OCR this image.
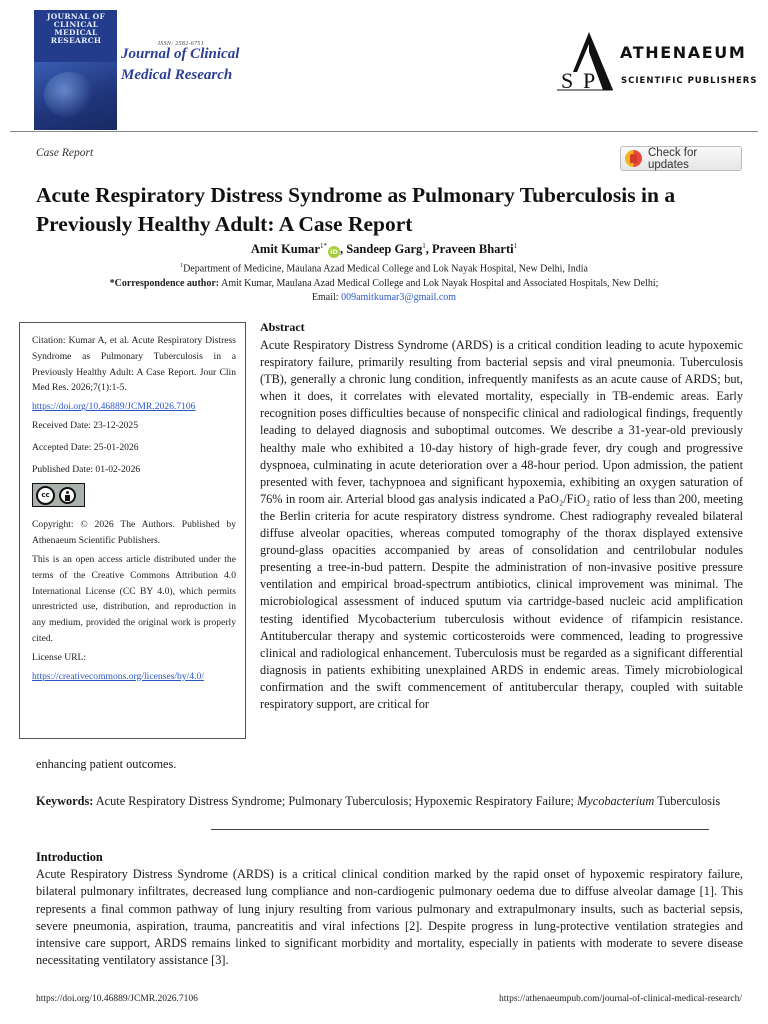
JOURNAL OF CLINICAL MEDICAL RESEARCH	ISSN: 2582-6751
Journal of Clinical
Medical Research	S P
ATHENAEUM
SCIENTIFIC PUBLISHERS
Case Report	Check for updates
Acute Respiratory Distress Syndrome as Pulmonary Tuberculosis in a Previously Healthy Adult: A Case Report
Amit Kumar$^{1*}$iD , Sandeep Garg$^1$, Praveen Bharti$^1$
$^1$Department of Medicine, Maulana Azad Medical College and Lok Nayak Hospital, New Delhi, India
*Correspondence author: Amit Kumar, Maulana Azad Medical College and Lok Nayak Hospital and Associated Hospitals, New Delhi;
Email: 009amitkumar3@gmail.com

Citation: Kumar A, et al. Acute Respiratory Distress Syndrome as Pulmonary Tuberculosis in a Previously Healthy Adult: A Case Report. Jour Clin Med Res. 2026;7(1):1-5.

https://doi.org/10.46889/JCMR.2026.7106

Received Date: 23-12-2025

Accepted Date: 25-01-2026

Published Date: 01-02-2026

cc

Copyright: © 2026 The Authors. Published by Athenaeum Scientific Publishers.

This is an open access article distributed under the terms of the Creative Commons Attribution 4.0 International License (CC BY 4.0), which permits unrestricted use, distribution, and reproduction in any medium, provided the original work is properly cited.

License URL:

https://creativecommons.org/licenses/by/4.0/

Abstract
Acute Respiratory Distress Syndrome (ARDS) is a critical condition leading to acute hypoxemic respiratory failure, primarily resulting from bacterial sepsis and viral pneumonia. Tuberculosis (TB), generally a chronic lung condition, infrequently manifests as an acute cause of ARDS; but, when it does, it correlates with elevated mortality, especially in TB-endemic areas. Early recognition poses difficulties because of nonspecific clinical and radiological findings, frequently leading to delayed diagnosis and suboptimal outcomes. We describe a 31-year-old previously healthy male who exhibited a 10-day history of high-grade fever, dry cough and progressive dyspnoea, culminating in acute deterioration over a 48-hour period. Upon admission, the patient presented with fever, tachypnoea and significant hypoxemia, exhibiting an oxygen saturation of 76% in room air. Arterial blood gas analysis indicated a PaO₂/FiO₂ ratio of less than 200, meeting the Berlin criteria for acute respiratory distress syndrome. Chest radiography revealed bilateral diffuse alveolar opacities, whereas computed tomography of the thorax displayed extensive ground-glass opacities accompanied by areas of consolidation and centrilobular nodules presenting a tree-in-bud pattern. Despite the administration of non-invasive positive pressure ventilation and empirical broad-spectrum antibiotics, clinical improvement was minimal. The microbiological assessment of induced sputum via cartridge-based nucleic acid amplification testing identified Mycobacterium tuberculosis without evidence of rifampicin resistance. Antitubercular therapy and systemic corticosteroids were commenced, leading to progressive clinical and radiological enhancement. Tuberculosis must be regarded as a significant differential diagnosis in patients exhibiting unexplained ARDS in endemic areas. Timely microbiological confirmation and the swift commencement of antitubercular therapy, coupled with suitable respiratory support, are critical for
enhancing patient outcomes.
Keywords: Acute Respiratory Distress Syndrome; Pulmonary Tuberculosis; Hypoxemic Respiratory Failure; Mycobacterium Tuberculosis
Introduction
Acute Respiratory Distress Syndrome (ARDS) is a critical clinical condition marked by the rapid onset of hypoxemic respiratory failure, bilateral pulmonary infiltrates, decreased lung compliance and non-cardiogenic pulmonary oedema due to diffuse alveolar damage [1]. This represents a final common pathway of lung injury resulting from various pulmonary and extrapulmonary insults, such as bacterial sepsis, severe pneumonia, aspiration, trauma, pancreatitis and viral infections [2]. Despite progress in lung-protective ventilation strategies and intensive care support, ARDS remains linked to significant morbidity and mortality, especially in patients with moderate to severe disease necessitating ventilatory assistance [3].
https://doi.org/10.46889/JCMR.2026.7106	https://athenaeumpub.com/journal-of-clinical-medical-research/
